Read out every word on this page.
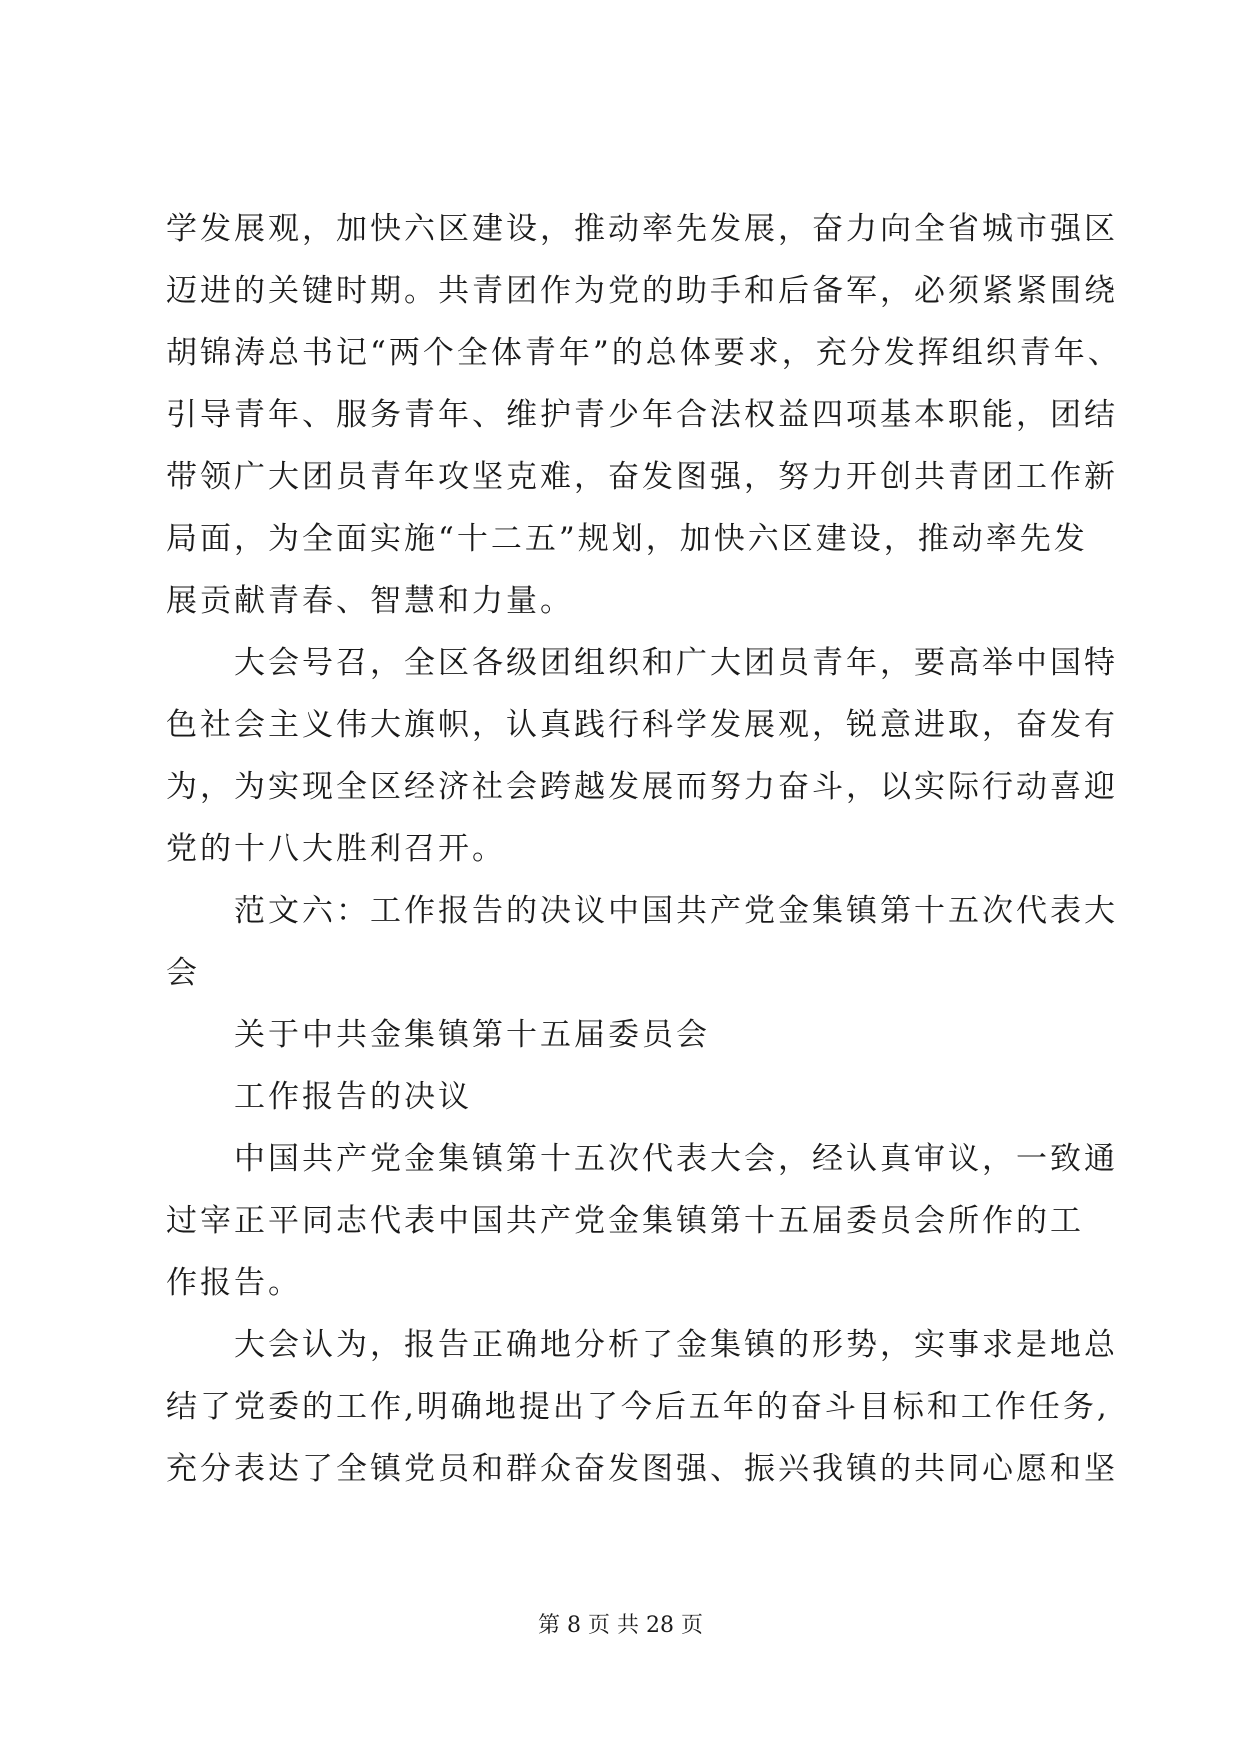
学发展观，加快六区建设，推动率先发展，奋力向全省城市强区
迈进的关键时期。共青团作为党的助手和后备军，必须紧紧围绕
胡锦涛总书记“两个全体青年”的总体要求，充分发挥组织青年、
引导青年、服务青年、维护青少年合法权益四项基本职能，团结
带领广大团员青年攻坚克难，奋发图强，努力开创共青团工作新
局面，为全面实施“十二五”规划，加快六区建设，推动率先发
展贡献青春、智慧和力量。
大会号召，全区各级团组织和广大团员青年，要高举中国特
色社会主义伟大旗帜，认真践行科学发展观，锐意进取，奋发有
为，为实现全区经济社会跨越发展而努力奋斗，以实际行动喜迎
党的十八大胜利召开。
范文六：工作报告的决议中国共产党金集镇第十五次代表大
会
关于中共金集镇第十五届委员会
工作报告的决议
中国共产党金集镇第十五次代表大会，经认真审议，一致通
过宰正平同志代表中国共产党金集镇第十五届委员会所作的工
作报告。
大会认为，报告正确地分析了金集镇的形势，实事求是地总
结了党委的工作,明确地提出了今后五年的奋斗目标和工作任务,
充分表达了全镇党员和群众奋发图强、振兴我镇的共同心愿和坚
第 8 页 共 28 页
